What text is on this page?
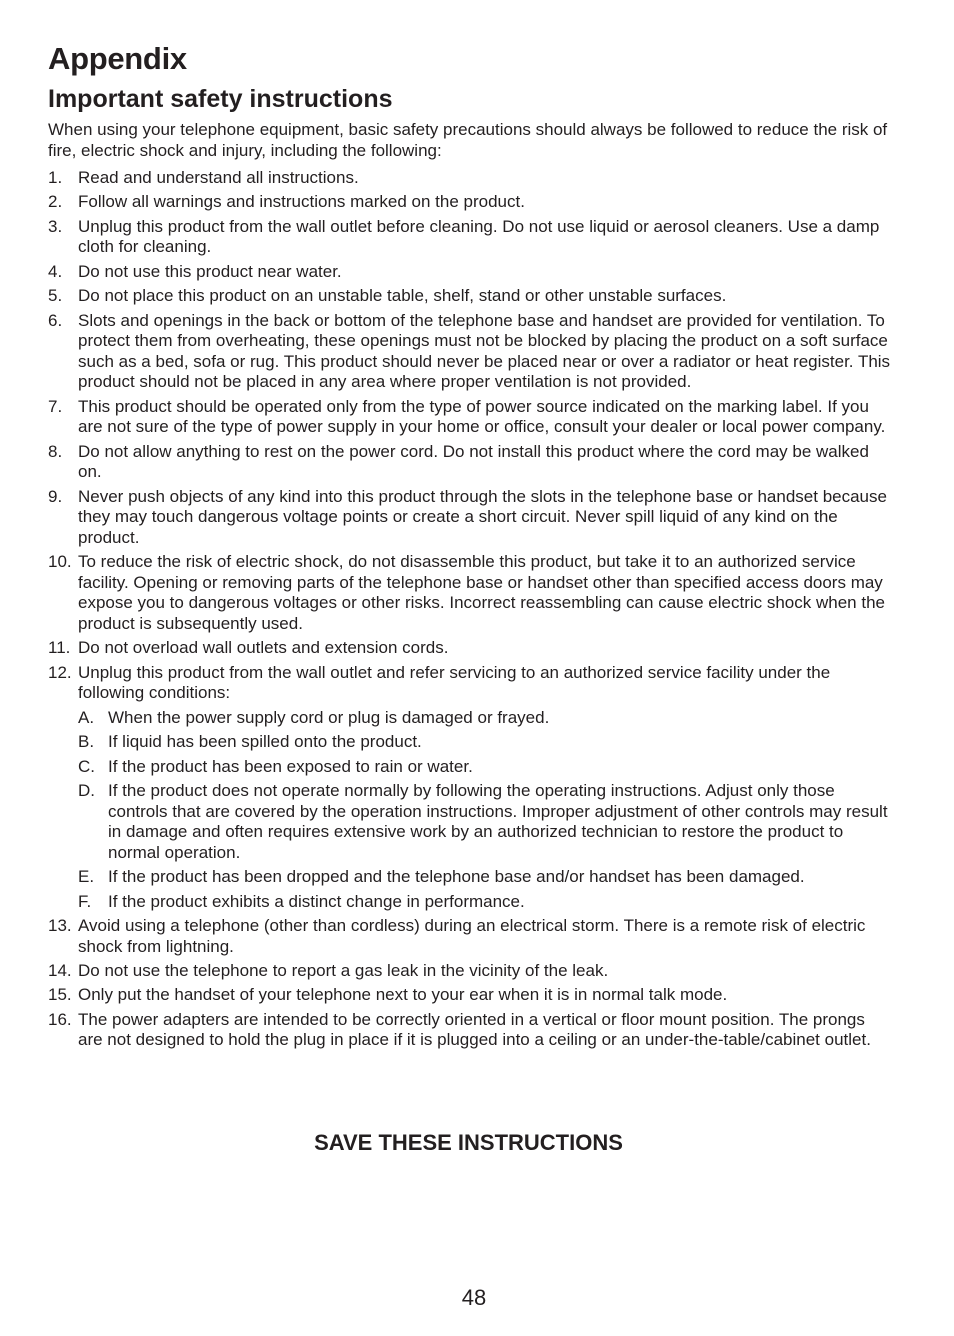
Appendix
Important safety instructions

When using your telephone equipment, basic safety precautions should always be followed to reduce the risk of fire, electric shock and injury, including the following:

1. Read and understand all instructions.
2. Follow all warnings and instructions marked on the product.
3. Unplug this product from the wall outlet before cleaning. Do not use liquid or aerosol cleaners. Use a damp cloth for cleaning.
4. Do not use this product near water.
5. Do not place this product on an unstable table, shelf, stand or other unstable surfaces.
6. Slots and openings in the back or bottom of the telephone base and handset are provided for ventilation. To protect them from overheating, these openings must not be blocked by placing the product on a soft surface such as a bed, sofa or rug. This product should never be placed near or over a radiator or heat register. This product should not be placed in any area where proper ventilation is not provided.
7. This product should be operated only from the type of power source indicated on the marking label. If you are not sure of the type of power supply in your home or office, consult your dealer or local power company.
8. Do not allow anything to rest on the power cord. Do not install this product where the cord may be walked on.
9. Never push objects of any kind into this product through the slots in the telephone base or handset because they may touch dangerous voltage points or create a short circuit. Never spill liquid of any kind on the product.
10. To reduce the risk of electric shock, do not disassemble this product, but take it to an authorized service facility. Opening or removing parts of the telephone base or handset other than specified access doors may expose you to dangerous voltages or other risks. Incorrect reassembling can cause electric shock when the product is subsequently used.
11. Do not overload wall outlets and extension cords.
12. Unplug this product from the wall outlet and refer servicing to an authorized service facility under the following conditions:
A. When the power supply cord or plug is damaged or frayed.
B. If liquid has been spilled onto the product.
C. If the product has been exposed to rain or water.
D. If the product does not operate normally by following the operating instructions. Adjust only those controls that are covered by the operation instructions. Improper adjustment of other controls may result in damage and often requires extensive work by an authorized technician to restore the product to normal operation.
E. If the product has been dropped and the telephone base and/or handset has been damaged.
F. If the product exhibits a distinct change in performance.
13. Avoid using a telephone (other than cordless) during an electrical storm. There is a remote risk of electric shock from lightning.
14. Do not use the telephone to report a gas leak in the vicinity of the leak.
15. Only put the handset of your telephone next to your ear when it is in normal talk mode.
16. The power adapters are intended to be correctly oriented in a vertical or floor mount position. The prongs are not designed to hold the plug in place if it is plugged into a ceiling or an under-the-table/cabinet outlet.
SAVE THESE INSTRUCTIONS
48
